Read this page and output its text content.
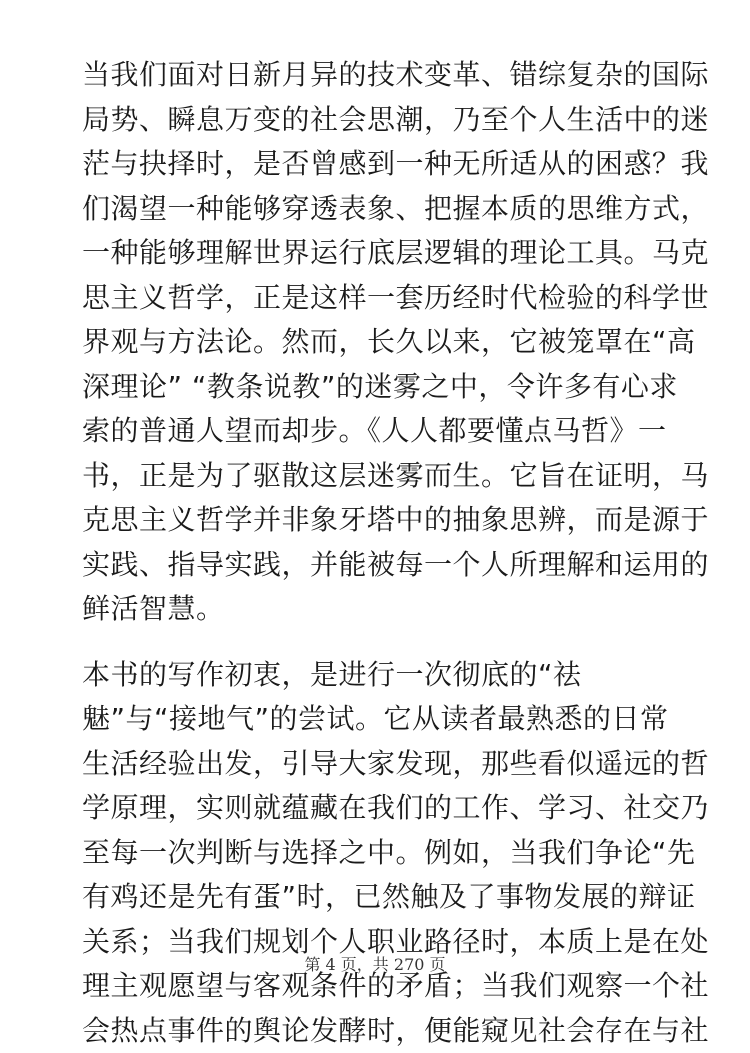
当我们面对日新月异的技术变革、错综复杂的国际
局势、瞬息万变的社会思潮，乃至个人生活中的迷
茫与抉择时，是否曾感到一种无所适从的困惑？我
们渴望一种能够穿透表象、把握本质的思维方式，
一种能够理解世界运行底层逻辑的理论工具。马克
思主义哲学，正是这样一套历经时代检验的科学世
界观与方法论。然而，长久以来，它被笼罩在“高
深理论” “教条说教”的迷雾之中，令许多有心求
索的普通人望而却步。《人人都要懂点马哲》一
书，正是为了驱散这层迷雾而生。它旨在证明，马
克思主义哲学并非象牙塔中的抽象思辨，而是源于
实践、指导实践，并能被每一个人所理解和运用的
鲜活智慧。
本书的写作初衷，是进行一次彻底的“祛
魅”与“接地气”的尝试。它从读者最熟悉的日常
生活经验出发，引导大家发现，那些看似遥远的哲
学原理，实则就蕴藏在我们的工作、学习、社交乃
至每一次判断与选择之中。例如，当我们争论“先
有鸡还是先有蛋”时，已然触及了事物发展的辩证
关系；当我们规划个人职业路径时，本质上是在处
理主观愿望与客观条件的矛盾；当我们观察一个社
会热点事件的舆论发酵时，便能窥见社会存在与社
第 4 页，共 270 页
